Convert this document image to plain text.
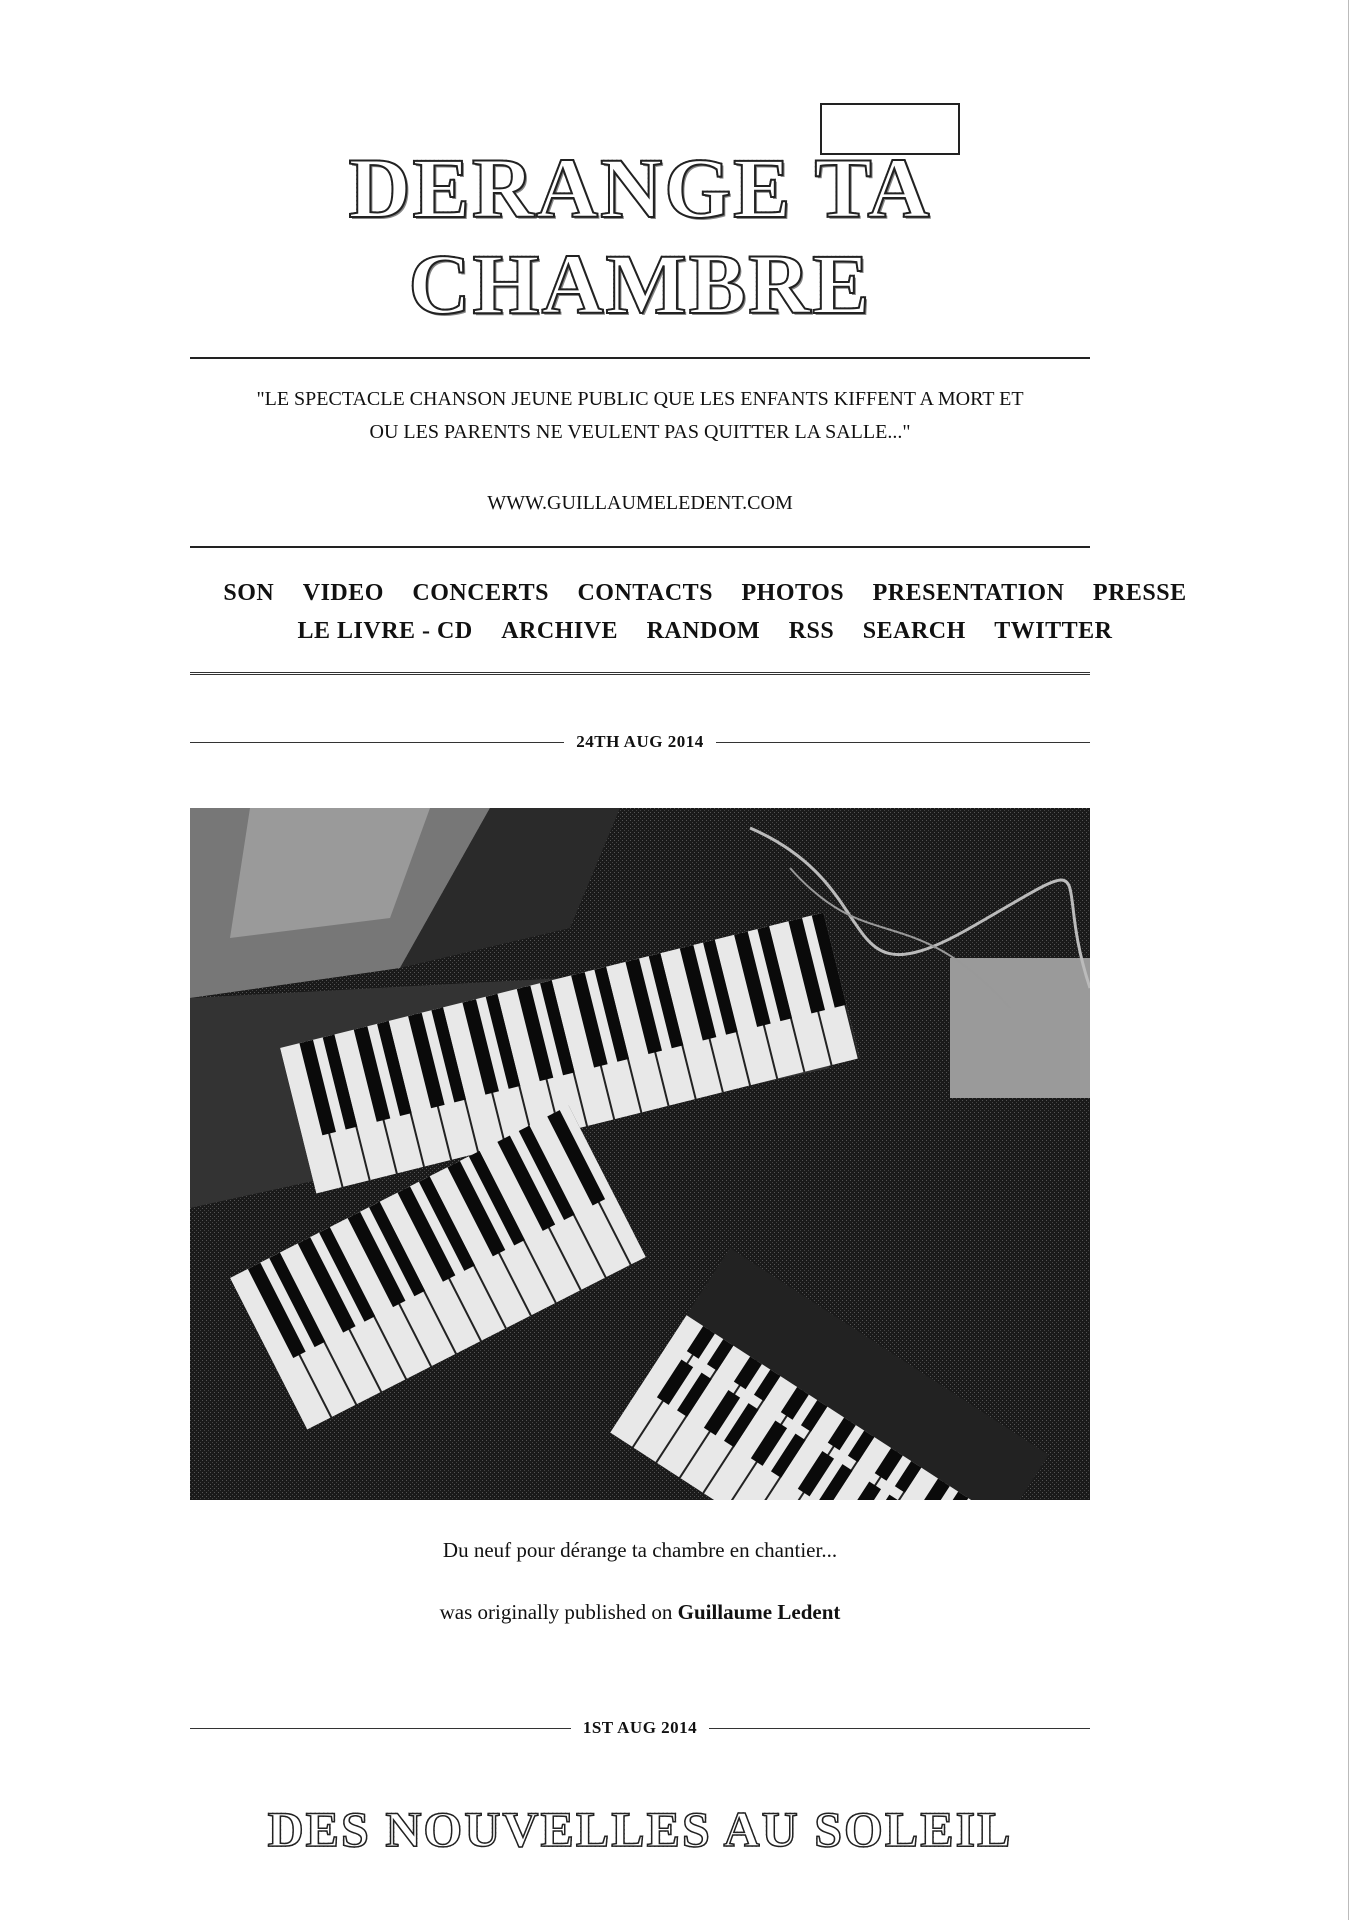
DERANGE TA
CHAMBRE

"LE SPECTACLE CHANSON JEUNE PUBLIC QUE LES ENFANTS KIFFENT A MORT ET
OU LES PARENTS NE VEULENT PAS QUITTER LA SALLE..."

WWW.GUILLAUMELEDENT.COM

SON VIDEO CONCERTS CONTACTS PHOTOS PRESENTATION PRESSE LE LIVRE - CD ARCHIVE RANDOM RSS SEARCH TWITTER
24TH AUG 2014

Du neuf pour dérange ta chambre en chantier...

was originally published on Guillaume Ledent

1ST AUG 2014
DES NOUVELLES AU SOLEIL
